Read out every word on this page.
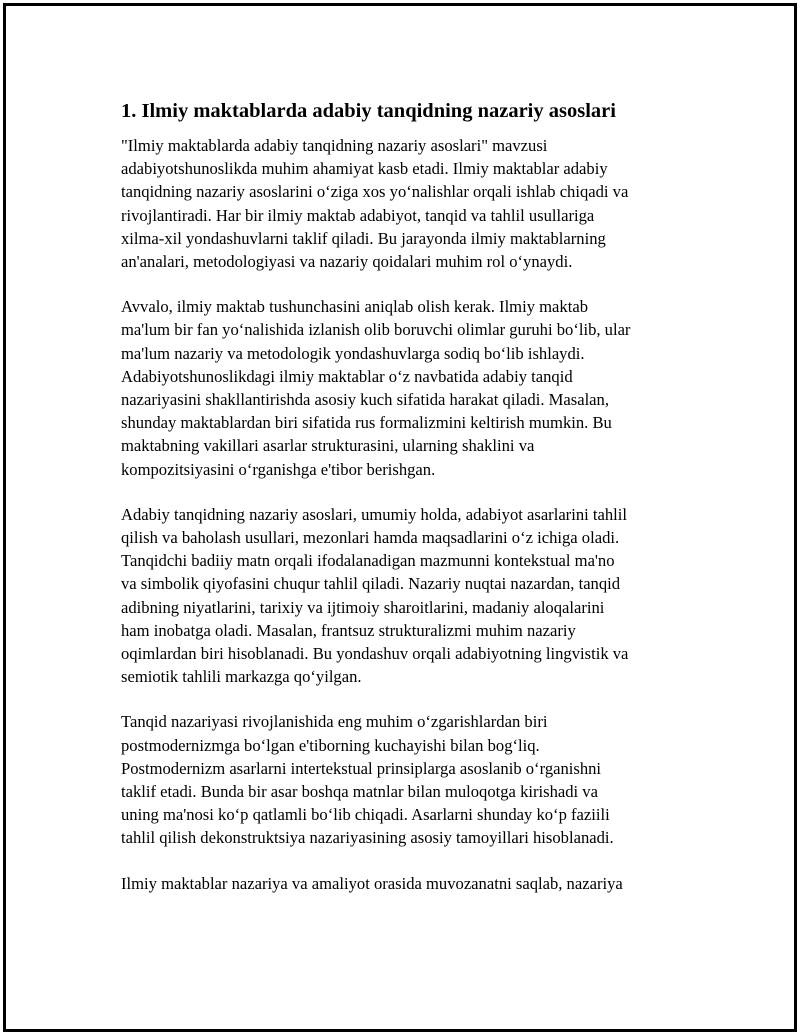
1. Ilmiy maktablarda adabiy tanqidning nazariy asoslari
"Ilmiy maktablarda adabiy tanqidning nazariy asoslari" mavzusi
adabiyotshunoslikda muhim ahamiyat kasb etadi. Ilmiy maktablar adabiy
tanqidning nazariy asoslarini o‘ziga xos yo‘nalishlar orqali ishlab chiqadi va
rivojlantiradi. Har bir ilmiy maktab adabiyot, tanqid va tahlil usullariga
xilma-xil yondashuvlarni taklif qiladi. Bu jarayonda ilmiy maktablarning
an'analari, metodologiyasi va nazariy qoidalari muhim rol o‘ynaydi.
Avvalo, ilmiy maktab tushunchasini aniqlab olish kerak. Ilmiy maktab
ma'lum bir fan yo‘nalishida izlanish olib boruvchi olimlar guruhi bo‘lib, ular
ma'lum nazariy va metodologik yondashuvlarga sodiq bo‘lib ishlaydi.
Adabiyotshunoslikdagi ilmiy maktablar o‘z navbatida adabiy tanqid
nazariyasini shakllantirishda asosiy kuch sifatida harakat qiladi. Masalan,
shunday maktablardan biri sifatida rus formalizmini keltirish mumkin. Bu
maktabning vakillari asarlar strukturasini, ularning shaklini va
kompozitsiyasini o‘rganishga e'tibor berishgan.
Adabiy tanqidning nazariy asoslari, umumiy holda, adabiyot asarlarini tahlil
qilish va baholash usullari, mezonlari hamda maqsadlarini o‘z ichiga oladi.
Tanqidchi badiiy matn orqali ifodalanadigan mazmunni kontekstual ma'no
va simbolik qiyofasini chuqur tahlil qiladi. Nazariy nuqtai nazardan, tanqid
adibning niyatlarini, tarixiy va ijtimoiy sharoitlarini, madaniy aloqalarini
ham inobatga oladi. Masalan, frantsuz strukturalizmi muhim nazariy
oqimlardan biri hisoblanadi. Bu yondashuv orqali adabiyotning lingvistik va
semiotik tahlili markazga qo‘yilgan.
Tanqid nazariyasi rivojlanishida eng muhim o‘zgarishlardan biri
postmodernizmga bo‘lgan e'tiborning kuchayishi bilan bog‘liq.
Postmodernizm asarlarni intertekstual prinsiplarga asoslanib o‘rganishni
taklif etadi. Bunda bir asar boshqa matnlar bilan muloqotga kirishadi va
uning ma'nosi ko‘p qatlamli bo‘lib chiqadi. Asarlarni shunday ko‘p faziili
tahlil qilish dekonstruktsiya nazariyasining asosiy tamoyillari hisoblanadi.
Ilmiy maktablar nazariya va amaliyot orasida muvozanatni saqlab, nazariya
